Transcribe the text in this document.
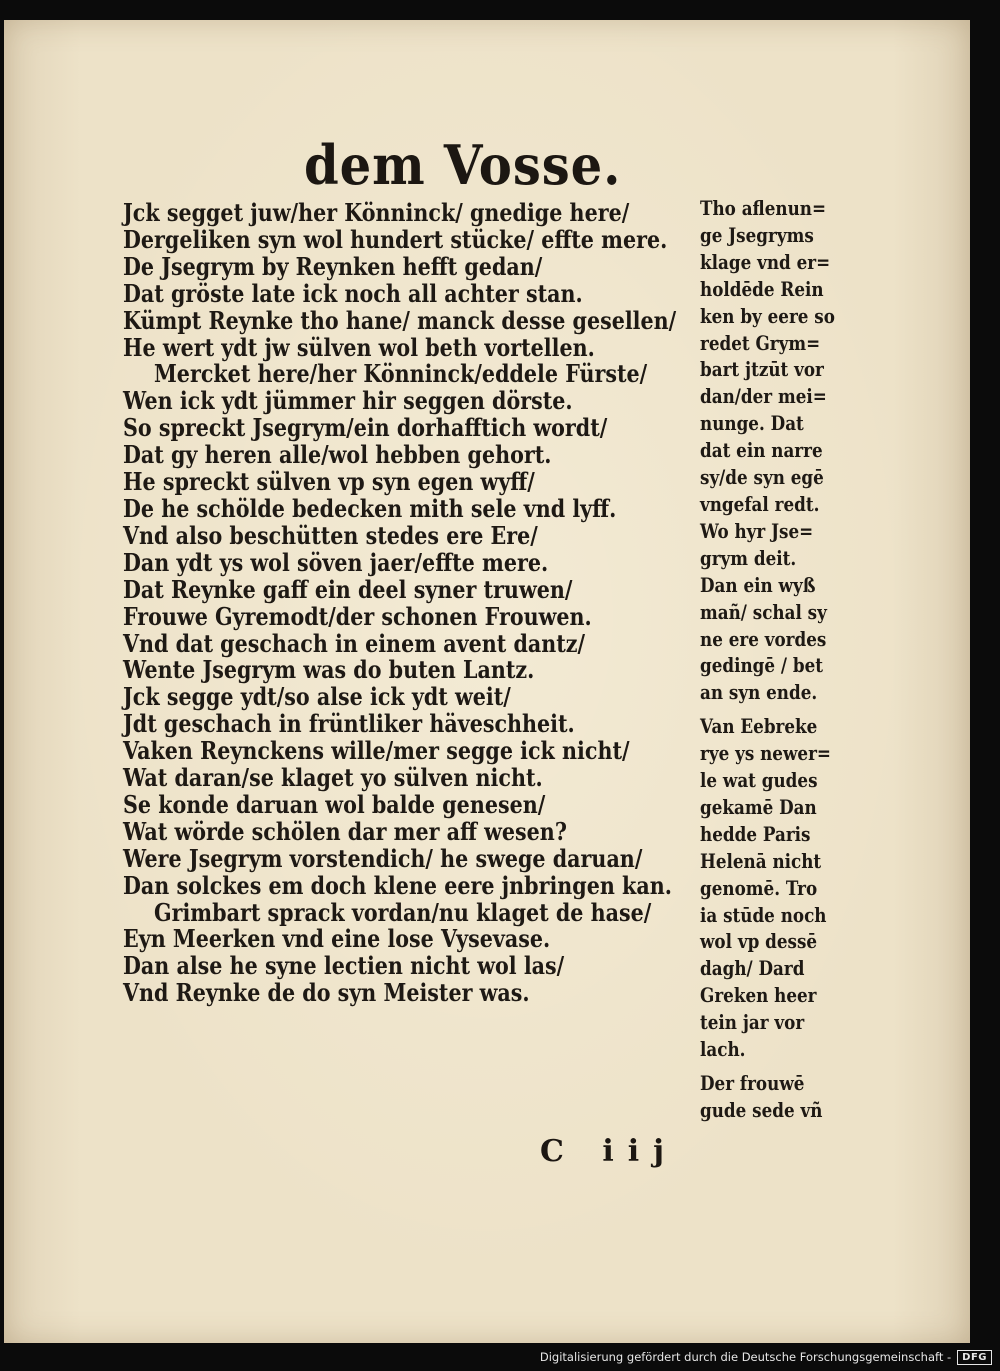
dem Vosse.
Jck segget juw/her Könninck/ gnedige here/
Dergeliken syn wol hundert stücke/ effte mere.
De Jsegrym by Reynken hefft gedan/
Dat gröste late ick noch all achter stan.
Kümpt Reynke tho hane/ manck desse gesellen/
He wert ydt jw sülven wol beth vortellen.
Mercket here/her Könninck/eddele Fürste/
Wen ick ydt jümmer hir seggen dörste.
So spreckt Jsegrym/ein dorhafftich wordt/
Dat gy heren alle/wol hebben gehort.
He spreckt sülven vp syn egen wyff/
De he schölde bedecken mith sele vnd lyff.
Vnd also beschütten stedes ere Ere/
Dan ydt ys wol söven jaer/effte mere.
Dat Reynke gaff ein deel syner truwen/
Frouwe Gyremodt/der schonen Frouwen.
Vnd dat geschach in einem avent dantz/
Wente Jsegrym was do buten Lantz.
Jck segge ydt/so alse ick ydt weit/
Jdt geschach in früntliker häveschheit.
Vaken Reynckens wille/mer segge ick nicht/
Wat daran/se klaget yo sülven nicht.
Se konde daruan wol balde genesen/
Wat wörde schölen dar mer aff wesen?
Were Jsegrym vorstendich/ he swege daruan/
Dan solckes em doch klene eere jnbringen kan.
Grimbart sprack vordan/nu klaget de hase/
Eyn Meerken vnd eine lose Vysevase.
Dan alse he syne lectien nicht wol las/
Vnd Reynke de do syn Meister was.
Tho aflenun=
ge Jsegryms
klage vnd er=
holdēde Rein
ken by eere so
redet Grym=
bart jtzūt vor
dan/der mei=
nunge. Dat
dat ein narre
sy/de syn egē
vngefal redt.
Wo hyr Jse=
grym deit.
Dan ein wyß
mañ/ schal sy
ne ere vordes
gedingē / bet
an syn ende.
Van Eebreke
rye ys newer=
le wat gudes
gekamē Dan
hedde Paris
Helenā nicht
genomē. Tro
ia stūde noch
wol vp dessē
dagh/ Dard
Greken heer
tein jar vor
lach.
Der frouwē
gude sede vñ
C iij
Digitalisierung gefördert durch die Deutsche Forschungsgemeinschaft -	DFG
